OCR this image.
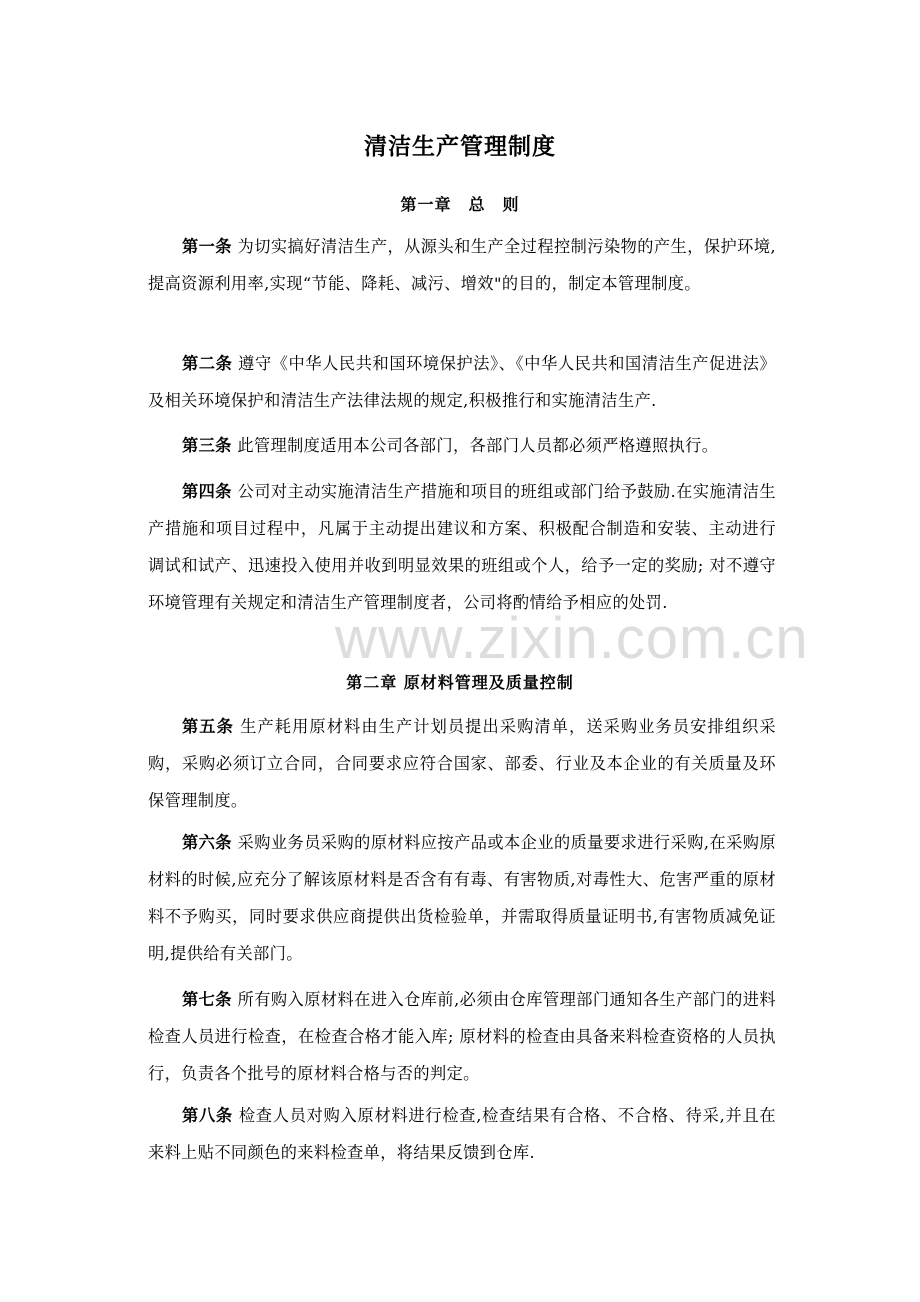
清洁生产管理制度
第一章　总　则

第一条 为切实搞好清洁生产，从源头和生产全过程控制污染物的产生，保护环境,提高资源利用率,实现“节能、降耗、减污、增效"的目的，制定本管理制度。

第二条 遵守《中华人民共和国环境保护法》、《中华人民共和国清洁生产促进法》及相关环境保护和清洁生产法律法规的规定,积极推行和实施清洁生产.

第三条 此管理制度适用本公司各部门，各部门人员都必须严格遵照执行。

第四条 公司对主动实施清洁生产措施和项目的班组或部门给予鼓励.在实施清洁生产措施和项目过程中，凡属于主动提出建议和方案、积极配合制造和安装、主动进行调试和试产、迅速投入使用并收到明显效果的班组或个人，给予一定的奖励; 对不遵守环境管理有关规定和清洁生产管理制度者，公司将酌情给予相应的处罚.

www.zixin.com.cn
第二章 原材料管理及质量控制

第五条 生产耗用原材料由生产计划员提出采购清单，送采购业务员安排组织采购，采购必须订立合同，合同要求应符合国家、部委、行业及本企业的有关质量及环保管理制度。

第六条 采购业务员采购的原材料应按产品或本企业的质量要求进行采购,在采购原材料的时候,应充分了解该原材料是否含有有毒、有害物质,对毒性大、危害严重的原材料不予购买，同时要求供应商提供出货检验单，并需取得质量证明书,有害物质减免证明,提供给有关部门。

第七条 所有购入原材料在进入仓库前,必须由仓库管理部门通知各生产部门的进料检查人员进行检查，在检查合格才能入库; 原材料的检查由具备来料检查资格的人员执行，负责各个批号的原材料合格与否的判定。

第八条 检查人员对购入原材料进行检查,检查结果有合格、不合格、待采,并且在来料上贴不同颜色的来料检查单，将结果反馈到仓库.
